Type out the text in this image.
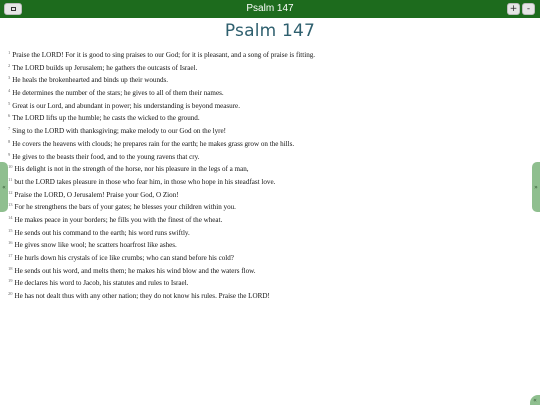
Psalm 147	+	-
Psalm 147
$^1$ Praise the LORD! For it is good to sing praises to our God; for it is pleasant, and a song of praise is fitting.
$^2$ The LORD builds up Jerusalem; he gathers the outcasts of Israel.
$^3$ He heals the brokenhearted and binds up their wounds.
$^4$ He determines the number of the stars; he gives to all of them their names.
$^5$ Great is our Lord, and abundant in power; his understanding is beyond measure.
$^6$ The LORD lifts up the humble; he casts the wicked to the ground.
$^7$ Sing to the LORD with thanksgiving; make melody to our God on the lyre!
$^8$ He covers the heavens with clouds; he prepares rain for the earth; he makes grass grow on the hills.
$^9$ He gives to the beasts their food, and to the young ravens that cry.
$^{10}$ His delight is not in the strength of the horse, nor his pleasure in the legs of a man,
$^{11}$ but the LORD takes pleasure in those who fear him, in those who hope in his steadfast love.
$^{12}$ Praise the LORD, O Jerusalem! Praise your God, O Zion!
$^{13}$ For he strengthens the bars of your gates; he blesses your children within you.
$^{14}$ He makes peace in your borders; he fills you with the finest of the wheat.
$^{15}$ He sends out his command to the earth; his word runs swiftly.
$^{16}$ He gives snow like wool; he scatters hoarfrost like ashes.
$^{17}$ He hurls down his crystals of ice like crumbs; who can stand before his cold?
$^{18}$ He sends out his word, and melts them; he makes his wind blow and the waters flow.
$^{19}$ He declares his word to Jacob, his statutes and rules to Israel.
$^{20}$ He has not dealt thus with any other nation; they do not know his rules. Praise the LORD!
«	»
«
